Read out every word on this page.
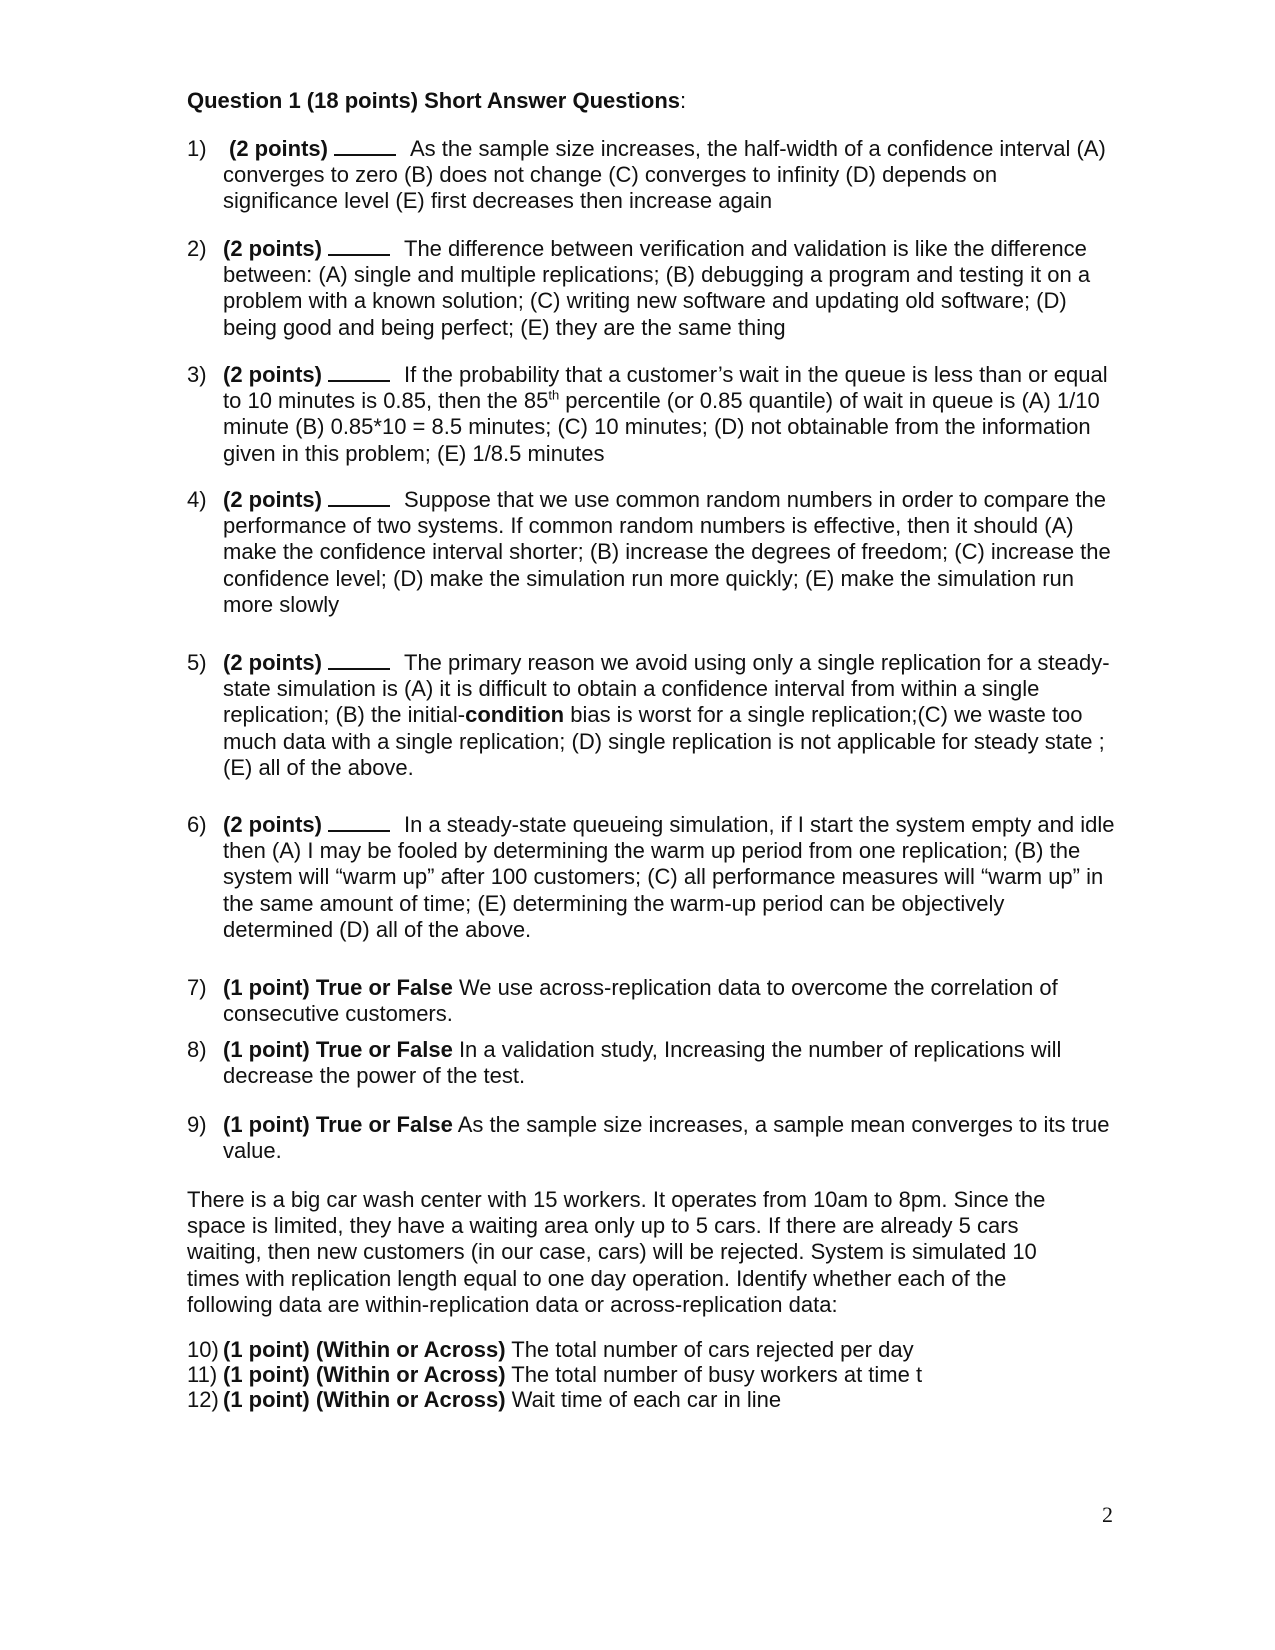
Question 1 (18 points) Short Answer Questions:
1) (2 points)	As the sample size increases, the half-width of a confidence interval (A) converges to zero (B) does not change (C) converges to infinity (D) depends on significance level (E) first decreases then increase again
2) (2 points)	The difference between verification and validation is like the difference between: (A) single and multiple replications; (B) debugging a program and testing it on a problem with a known solution; (C) writing new software and updating old software; (D) being good and being perfect; (E) they are the same thing
3) (2 points)	If the probability that a customer’s wait in the queue is less than or equal to 10 minutes is 0.85, then the 85th percentile (or 0.85 quantile) of wait in queue is (A) 1/10 minute (B) 0.85*10 = 8.5 minutes; (C) 10 minutes; (D) not obtainable from the information given in this problem; (E) 1/8.5 minutes
4) (2 points)	Suppose that we use common random numbers in order to compare the performance of two systems. If common random numbers is effective, then it should (A) make the confidence interval shorter; (B) increase the degrees of freedom; (C) increase the confidence level; (D) make the simulation run more quickly; (E) make the simulation run more slowly
5) (2 points)	The primary reason we avoid using only a single replication for a steady-state simulation is (A) it is difficult to obtain a confidence interval from within a single replication; (B) the initial-condition bias is worst for a single replication;(C) we waste too much data with a single replication; (D) single replication is not applicable for steady state ;(E) all of the above.
6) (2 points)	In a steady-state queueing simulation, if I start the system empty and idle then (A) I may be fooled by determining the warm up period from one replication; (B) the system will “warm up” after 100 customers; (C) all performance measures will “warm up” in the same amount of time; (E) determining the warm-up period can be objectively determined (D) all of the above.
7) (1 point) True or False We use across-replication data to overcome the correlation of consecutive customers.
8) (1 point) True or False In a validation study, Increasing the number of replications will decrease the power of the test.
9) (1 point) True or False As the sample size increases, a sample mean converges to its true value.
There is a big car wash center with 15 workers. It operates from 10am to 8pm. Since the space is limited, they have a waiting area only up to 5 cars. If there are already 5 cars waiting, then new customers (in our case, cars) will be rejected. System is simulated 10 times with replication length equal to one day operation. Identify whether each of the following data are within-replication data or across-replication data:
10) (1 point) (Within or Across) The total number of cars rejected per day
11) (1 point) (Within or Across) The total number of busy workers at time t
12) (1 point) (Within or Across) Wait time of each car in line
2
